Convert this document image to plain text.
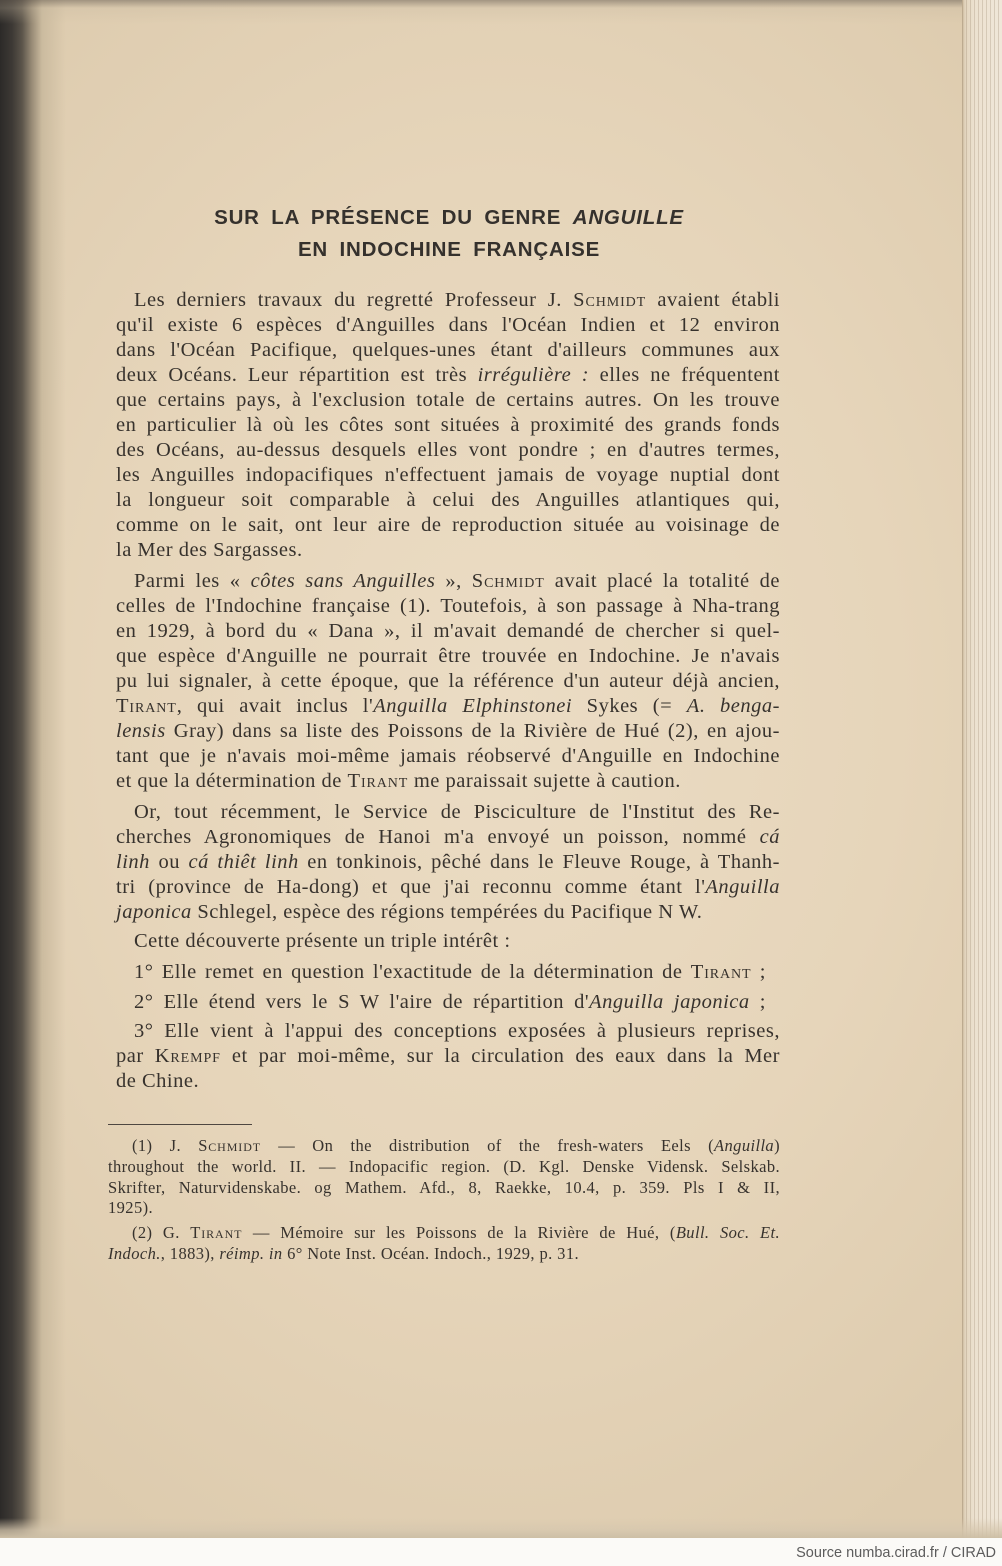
SUR LA PRÉSENCE DU GENRE ANGUILLE
EN INDOCHINE FRANÇAISE
Les derniers travaux du regretté Professeur J. Schmidt avaient établi
qu'il existe 6 espèces d'Anguilles dans l'Océan Indien et 12 environ
dans l'Océan Pacifique, quelques-unes étant d'ailleurs communes aux
deux Océans. Leur répartition est très irrégulière : elles ne fréquentent
que certains pays, à l'exclusion totale de certains autres. On les trouve
en particulier là où les côtes sont situées à proximité des grands fonds
des Océans, au-dessus desquels elles vont pondre ; en d'autres termes,
les Anguilles indopacifiques n'effectuent jamais de voyage nuptial dont
la longueur soit comparable à celui des Anguilles atlantiques qui,
comme on le sait, ont leur aire de reproduction située au voisinage de
la Mer des Sargasses.
Parmi les « côtes sans Anguilles », Schmidt avait placé la totalité de
celles de l'Indochine française (1). Toutefois, à son passage à Nha-trang
en 1929, à bord du « Dana », il m'avait demandé de chercher si quel-
que espèce d'Anguille ne pourrait être trouvée en Indochine. Je n'avais
pu lui signaler, à cette époque, que la référence d'un auteur déjà ancien,
Tirant, qui avait inclus l'Anguilla Elphinstonei Sykes (= A. benga-
lensis Gray) dans sa liste des Poissons de la Rivière de Hué (2), en ajou-
tant que je n'avais moi-même jamais réobservé d'Anguille en Indochine
et que la détermination de Tirant me paraissait sujette à caution.
Or, tout récemment, le Service de Pisciculture de l'Institut des Re-
cherches Agronomiques de Hanoi m'a envoyé un poisson, nommé cá
linh ou cá thiêt linh en tonkinois, pêché dans le Fleuve Rouge, à Thanh-
tri (province de Ha-dong) et que j'ai reconnu comme étant l'Anguilla
japonica Schlegel, espèce des régions tempérées du Pacifique N W.
Cette découverte présente un triple intérêt :
1° Elle remet en question l'exactitude de la détermination de Tirant ;
2° Elle étend vers le S W l'aire de répartition d'Anguilla japonica ;
3° Elle vient à l'appui des conceptions exposées à plusieurs reprises,
par Krempf et par moi-même, sur la circulation des eaux dans la Mer
de Chine.
(1) J. Schmidt — On the distribution of the fresh-waters Eels (Anguilla)
throughout the world. II. — Indopacific region. (D. Kgl. Denske Vidensk. Selskab.
Skrifter, Naturvidenskabe. og Mathem. Afd., 8, Raekke, 10.4, p. 359. Pls I & II,
1925).
(2) G. Tirant — Mémoire sur les Poissons de la Rivière de Hué, (Bull. Soc. Et.
Indoch., 1883), réimp. in 6° Note Inst. Océan. Indoch., 1929, p. 31.
Source numba.cirad.fr / CIRAD
